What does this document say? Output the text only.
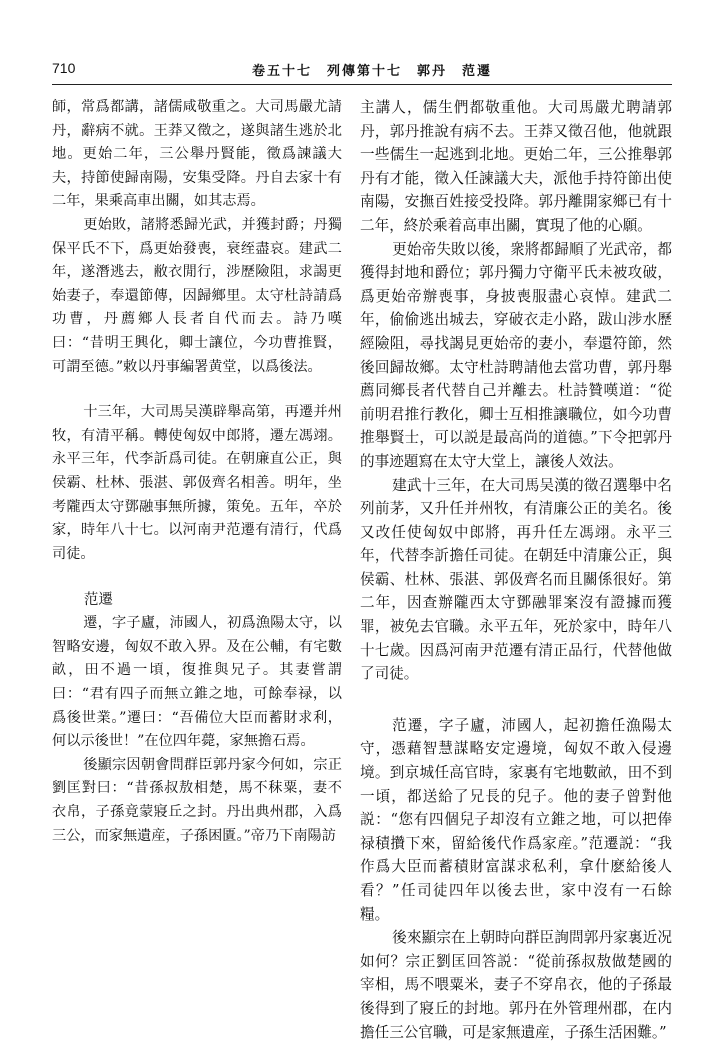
710	卷五十七　列傳第十七　郭丹　范遷

師，常爲都講，諸儒咸敬重之。大司馬嚴尤請丹，辭病不就。王莽又徵之，遂與諸生逃於北地。更始二年，三公舉丹賢能，徵爲諫議大夫，持節使歸南陽，安集受降。丹自去家十有二年，果乘高車出關，如其志焉。

更始敗，諸將悉歸光武，并獲封爵；丹獨保平氏不下，爲更始發喪，衰绖盡哀。建武二年，遂潛逃去，敝衣閒行，涉歷險阻，求謁更始妻子，奉還節傳，因歸鄉里。太守杜詩請爲功曹，丹薦鄉人長者自代而去。詩乃嘆曰：“昔明王興化，卿士讓位，今功曹推賢，可謂至德。”敕以丹事編署黄堂，以爲後法。

十三年，大司馬吴漢辟舉高第，再遷并州牧，有清平稱。轉使匈奴中郎將，遷左馮翊。永平三年，代李訢爲司徒。在朝廉直公正，與侯霸、杜林、張湛、郭伋齊名相善。明年，坐考隴西太守鄧融事無所據，策免。五年，卒於家，時年八十七。以河南尹范遷有清行，代爲司徒。

范遷

遷，字子廬，沛國人，初爲漁陽太守，以智略安邊，匈奴不敢入界。及在公輔，有宅數畝，田不過一頃，復推與兄子。其妻嘗謂曰：“君有四子而無立錐之地，可餘奉禄，以爲後世業。”遷曰：“吾備位大臣而蓄財求利，何以示後世！”在位四年薨，家無擔石焉。

後顯宗因朝會問群臣郭丹家今何如，宗正劉匡對曰：“昔孫叔敖相楚，馬不秣粟，妻不衣帛，子孫竟蒙寢丘之封。丹出典州郡，入爲三公，而家無遺産，子孫困匱。”帝乃下南陽訪

主講人，儒生們都敬重他。大司馬嚴尤聘請郭丹，郭丹推說有病不去。王莽又徵召他，他就跟一些儒生一起逃到北地。更始二年，三公推舉郭丹有才能，徵入任諫議大夫，派他手持符節出使南陽，安撫百姓接受投降。郭丹離開家鄉已有十二年，終於乘着高車出關，實現了他的心願。

更始帝失敗以後，衆將都歸順了光武帝，都獲得封地和爵位；郭丹獨力守衛平氏未被攻破，爲更始帝辦喪事，身披喪服盡心哀悼。建武二年，偷偷逃出城去，穿破衣走小路，跋山涉水歷經險阻，尋找謁見更始帝的妻小，奉還符節，然後回歸故鄉。太守杜詩聘請他去當功曹，郭丹舉薦同鄉長者代替自己并離去。杜詩贊嘆道：“從前明君推行教化，卿士互相推讓職位，如今功曹推舉賢士，可以説是最高尚的道德。”下令把郭丹的事迹題寫在太守大堂上，讓後人效法。

建武十三年，在大司馬吴漢的徵召選舉中名列前茅，又升任并州牧，有清廉公正的美名。後又改任使匈奴中郎將，再升任左馮翊。永平三年，代替李訢擔任司徒。在朝廷中清廉公正，與侯霸、杜林、張湛、郭伋齊名而且關係很好。第二年，因查辦隴西太守鄧融罪案沒有證據而獲罪，被免去官職。永平五年，死於家中，時年八十七歲。因爲河南尹范遷有清正品行，代替他做了司徒。

范遷，字子廬，沛國人，起初擔任漁陽太守，憑藉智慧謀略安定邊境，匈奴不敢入侵邊境。到京城任高官時，家裏有宅地數畝，田不到一頃，都送給了兄長的兒子。他的妻子曾對他説：“您有四個兒子却沒有立錐之地，可以把俸禄積攢下來，留給後代作爲家産。”范遷説：“我作爲大臣而蓄積財富謀求私利，拿什麽給後人看？”任司徒四年以後去世，家中沒有一石餘糧。

後來顯宗在上朝時向群臣詢問郭丹家裏近况如何？宗正劉匡回答説：“從前孫叔敖做楚國的宰相，馬不喂粟米，妻子不穿帛衣，他的子孫最後得到了寢丘的封地。郭丹在外管理州郡，在内擔任三公官職，可是家無遺産，子孫生活困難。”
